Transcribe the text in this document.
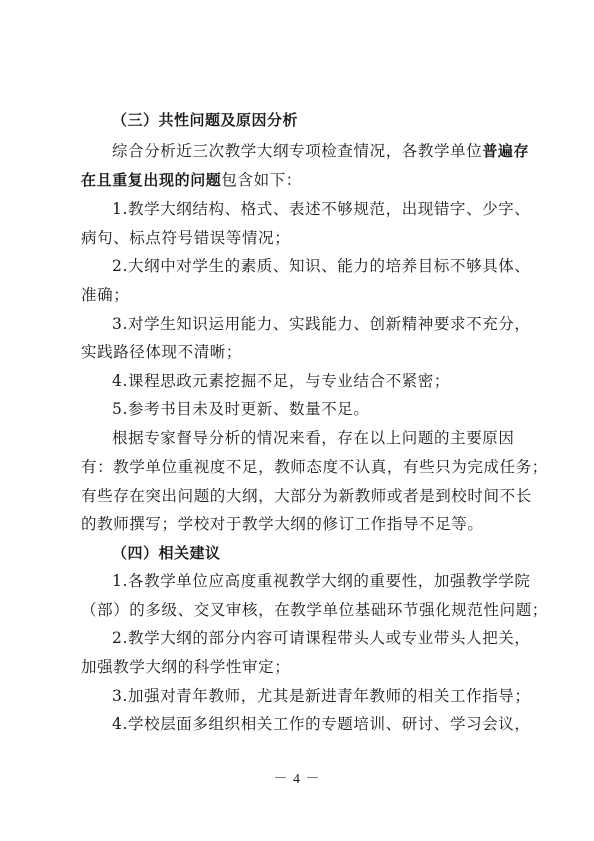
（三）共性问题及原因分析
综合分析近三次教学大纲专项检查情况，各教学单位普遍存
在且重复出现的问题包含如下：
1.教学大纲结构、格式、表述不够规范，出现错字、少字、
病句、标点符号错误等情况；
2.大纲中对学生的素质、知识、能力的培养目标不够具体、
准确；
3.对学生知识运用能力、实践能力、创新精神要求不充分，
实践路径体现不清晰；
4.课程思政元素挖掘不足，与专业结合不紧密；
5.参考书目未及时更新、数量不足。
根据专家督导分析的情况来看，存在以上问题的主要原因
有：教学单位重视度不足，教师态度不认真，有些只为完成任务；
有些存在突出问题的大纲，大部分为新教师或者是到校时间不长
的教师撰写；学校对于教学大纲的修订工作指导不足等。
（四）相关建议
1.各教学单位应高度重视教学大纲的重要性，加强教学学院
（部）的多级、交叉审核，在教学单位基础环节强化规范性问题；
2.教学大纲的部分内容可请课程带头人或专业带头人把关，
加强教学大纲的科学性审定；
3.加强对青年教师，尤其是新进青年教师的相关工作指导；
4.学校层面多组织相关工作的专题培训、研讨、学习会议，
－ 4 －
